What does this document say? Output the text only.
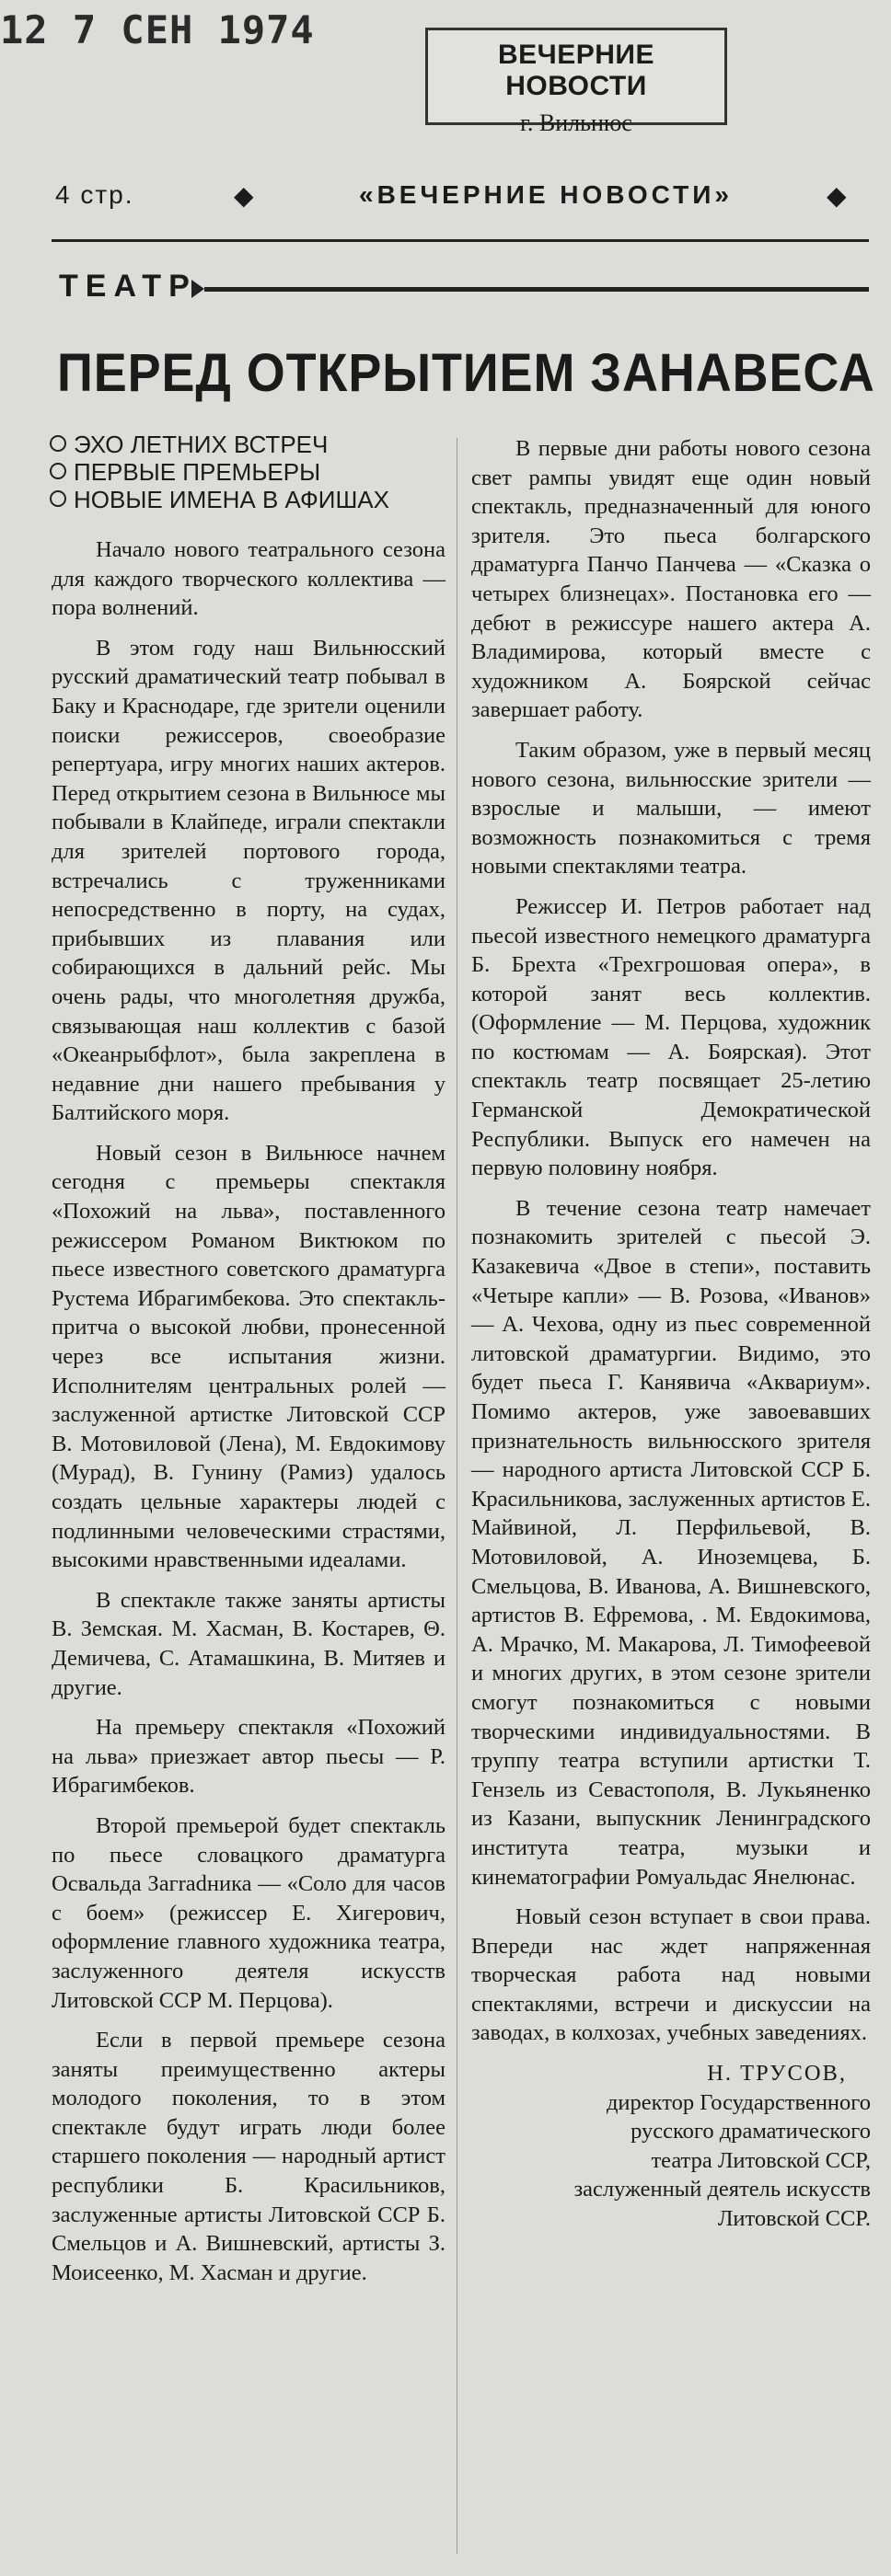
12 7 СЕН 1974
ВЕЧЕРНИЕ НОВОСТИ
г. Вильнюс
4 стр.	◆	«ВЕЧЕРНИЕ НОВОСТИ»	◆
ТЕАТР
ПЕРЕД ОТКРЫТИЕМ ЗАНАВЕСА
ЭХО ЛЕТНИХ ВСТРЕЧ
ПЕРВЫЕ ПРЕМЬЕРЫ
НОВЫЕ ИМЕНА В АФИШАХ

Начало нового театрального сезона для каждого творческого коллектива — пора волнений.

В этом году наш Вильнюсский русский драматический театр побывал в Баку и Краснодаре, где зрители оценили поиски режиссеров, своеобразие репертуара, игру многих наших актеров. Перед открытием сезона в Вильнюсе мы побывали в Клайпеде, играли спектакли для зрителей портового города, встречались с труженниками непосредственно в порту, на судах, прибывших из плавания или собирающихся в дальний рейс. Мы очень рады, что многолетняя дружба, связывающая наш коллектив с базой «Океанрыбфлот», была закреплена в недавние дни нашего пребывания у Балтийского моря.

Новый сезон в Вильнюсе начнем сегодня с премьеры спектакля «Похожий на льва», поставленного режиссером Романом Виктюком по пьесе известного советского драматурга Рустема Ибрагимбекова. Это спектакль-притча о высокой любви, пронесенной через все испытания жизни. Исполнителям центральных ролей — заслуженной артистке Литовской ССР В. Мотовиловой (Лена), М. Евдокимову (Мурад), В. Гунину (Рамиз) удалось создать цельные характеры людей с подлинными человеческими страстями, высокими нравственными идеалами.

В спектакле также заняты артисты В. Земская. М. Хасман, В. Костарев, Θ. Демичева, С. Атамашкина, В. Митяев и другие.

На премьеру спектакля «Похожий на льва» приезжает автор пьесы — Р. Ибрагимбеков.

Второй премьерой будет спектакль по пьесе словацкого драматурга Освальда Загradника — «Соло для часов с боем» (режиссер Е. Хигерович, оформление главного художника театра, заслуженного деятеля искусств Литовской ССР М. Перцова).

Если в первой премьере сезона заняты преимущественно актеры молодого поколения, то в этом спектакле будут играть люди более старшего поколения — народный артист республики Б. Красильников, заслуженные артисты Литовской ССР Б. Смельцов и А. Вишневский, артисты З. Моисеенко, М. Хасман и другие.

В первые дни работы нового сезона свет рампы увидят еще один новый спектакль, предназначенный для юного зрителя. Это пьеса болгарского драматурга Панчо Панчева — «Сказка о четырех близнецах». Постановка его — дебют в режиссуре нашего актера А. Владимирова, который вместе с художником А. Боярской сейчас завершает работу.

Таким образом, уже в первый месяц нового сезона, вильнюсские зрители — взрослые и малыши, — имеют возможность познакомиться с тремя новыми спектаклями театра.

Режиссер И. Петров работает над пьесой известного немецкого драматурга Б. Брехта «Трехгрошовая опера», в которой занят весь коллектив. (Оформление — М. Перцова, художник по костюмам — А. Боярская). Этот спектакль театр посвящает 25-летию Германской Демократической Республики. Выпуск его намечен на первую половину ноября.

В течение сезона театр намечает познакомить зрителей с пьесой Э. Казакевича «Двое в степи», поставить «Четыре капли» — В. Розова, «Иванов» — А. Чехова, одну из пьес современной литовской драматургии. Видимо, это будет пьеса Г. Канявича «Аквариум». Помимо актеров, уже завоевавших признательность вильнюсского зрителя — народного артиста Литовской ССР Б. Красильникова, заслуженных артистов Е. Майвиной, Л. Перфильевой, В. Мотовиловой, А. Иноземцева, Б. Смельцова, В. Иванова, А. Вишневского, артистов В. Ефремова, . М. Евдокимова, А. Мрачко, М. Макарова, Л. Тимофеевой и многих других, в этом сезоне зрители смогут познакомиться с новыми творческими индивидуальностями. В труппу театра вступили артистки Т. Гензель из Севастополя, В. Лукьяненко из Казани, выпускник Ленинградского института театра, музыки и кинематографии Ромуальдас Янелюнас.

Новый сезон вступает в свои права. Впереди нас ждет напряженная творческая работа над новыми спектаклями, встречи и дискуссии на заводах, в колхозах, учебных заведениях.

Н. ТРУСОВ,
директор Государственного
русского драматического
театра Литовской ССР,
заслуженный деятель искусств
Литовской ССР.
